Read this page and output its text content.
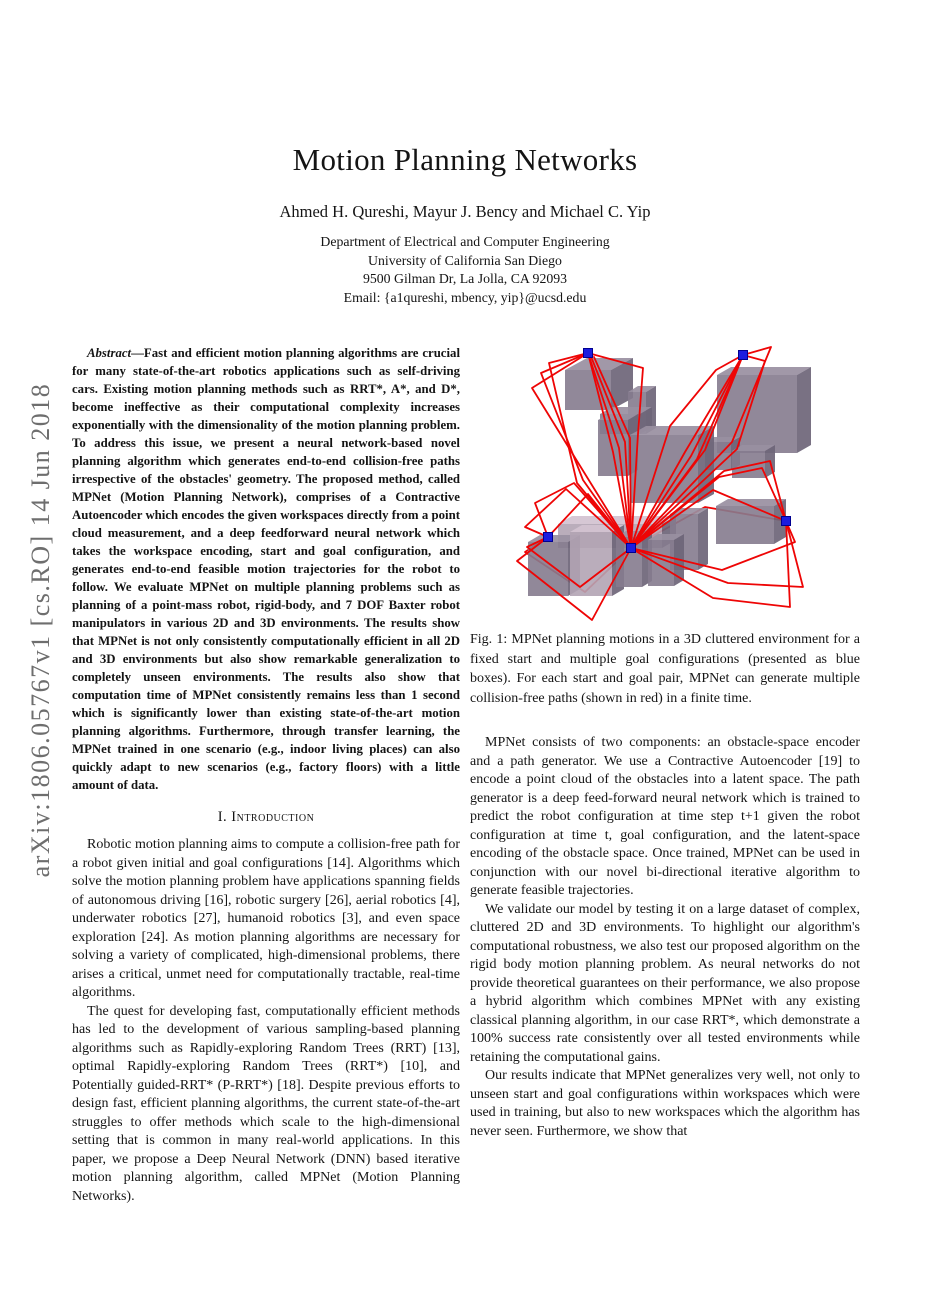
arXiv:1806.05767v1 [cs.RO] 14 Jun 2018
Motion Planning Networks
Ahmed H. Qureshi, Mayur J. Bency and Michael C. Yip
Department of Electrical and Computer Engineering
University of California San Diego
9500 Gilman Dr, La Jolla, CA 92093
Email: {a1qureshi, mbency, yip}@ucsd.edu

Abstract—Fast and efficient motion planning algorithms are crucial for many state-of-the-art robotics applications such as self-driving cars. Existing motion planning methods such as RRT*, A*, and D*, become ineffective as their computational complexity increases exponentially with the dimensionality of the motion planning problem. To address this issue, we present a neural network-based novel planning algorithm which generates end-to-end collision-free paths irrespective of the obstacles' geometry. The proposed method, called MPNet (Motion Planning Network), comprises of a Contractive Autoencoder which encodes the given workspaces directly from a point cloud measurement, and a deep feedforward neural network which takes the workspace encoding, start and goal configuration, and generates end-to-end feasible motion trajectories for the robot to follow. We evaluate MPNet on multiple planning problems such as planning of a point-mass robot, rigid-body, and 7 DOF Baxter robot manipulators in various 2D and 3D environments. The results show that MPNet is not only consistently computationally efficient in all 2D and 3D environments but also show remarkable generalization to completely unseen environments. The results also show that computation time of MPNet consistently remains less than 1 second which is significantly lower than existing state-of-the-art motion planning algorithms. Furthermore, through transfer learning, the MPNet trained in one scenario (e.g., indoor living places) can also quickly adapt to new scenarios (e.g., factory floors) with a little amount of data.

I. Introduction

Robotic motion planning aims to compute a collision-free path for a robot given initial and goal configurations [14]. Algorithms which solve the motion planning problem have applications spanning fields of autonomous driving [16], robotic surgery [26], aerial robotics [4], underwater robotics [27], humanoid robotics [3], and even space exploration [24]. As motion planning algorithms are necessary for solving a variety of complicated, high-dimensional problems, there arises a critical, unmet need for computationally tractable, real-time algorithms.

The quest for developing fast, computationally efficient methods has led to the development of various sampling-based planning algorithms such as Rapidly-exploring Random Trees (RRT) [13], optimal Rapidly-exploring Random Trees (RRT*) [10], and Potentially guided-RRT* (P-RRT*) [18]. Despite previous efforts to design fast, efficient planning algorithms, the current state-of-the-art struggles to offer methods which scale to the high-dimensional setting that is common in many real-world applications. In this paper, we propose a Deep Neural Network (DNN) based iterative motion planning algorithm, called MPNet (Motion Planning Networks).

Fig. 1: MPNet planning motions in a 3D cluttered environment for a fixed start and multiple goal configurations (presented as blue boxes). For each start and goal pair, MPNet can generate multiple collision-free paths (shown in red) in a finite time.

MPNet consists of two components: an obstacle-space encoder and a path generator. We use a Contractive Autoencoder [19] to encode a point cloud of the obstacles into a latent space. The path generator is a deep feed-forward neural network which is trained to predict the robot configuration at time step t+1 given the robot configuration at time t, goal configuration, and the latent-space encoding of the obstacle space. Once trained, MPNet can be used in conjunction with our novel bi-directional iterative algorithm to generate feasible trajectories.

We validate our model by testing it on a large dataset of complex, cluttered 2D and 3D environments. To highlight our algorithm's computational robustness, we also test our proposed algorithm on the rigid body motion planning problem. As neural networks do not provide theoretical guarantees on their performance, we also propose a hybrid algorithm which combines MPNet with any existing classical planning algorithm, in our case RRT*, which demonstrate a 100% success rate consistently over all tested environments while retaining the computational gains.

Our results indicate that MPNet generalizes very well, not only to unseen start and goal configurations within workspaces which were used in training, but also to new workspaces which the algorithm has never seen. Furthermore, we show that
